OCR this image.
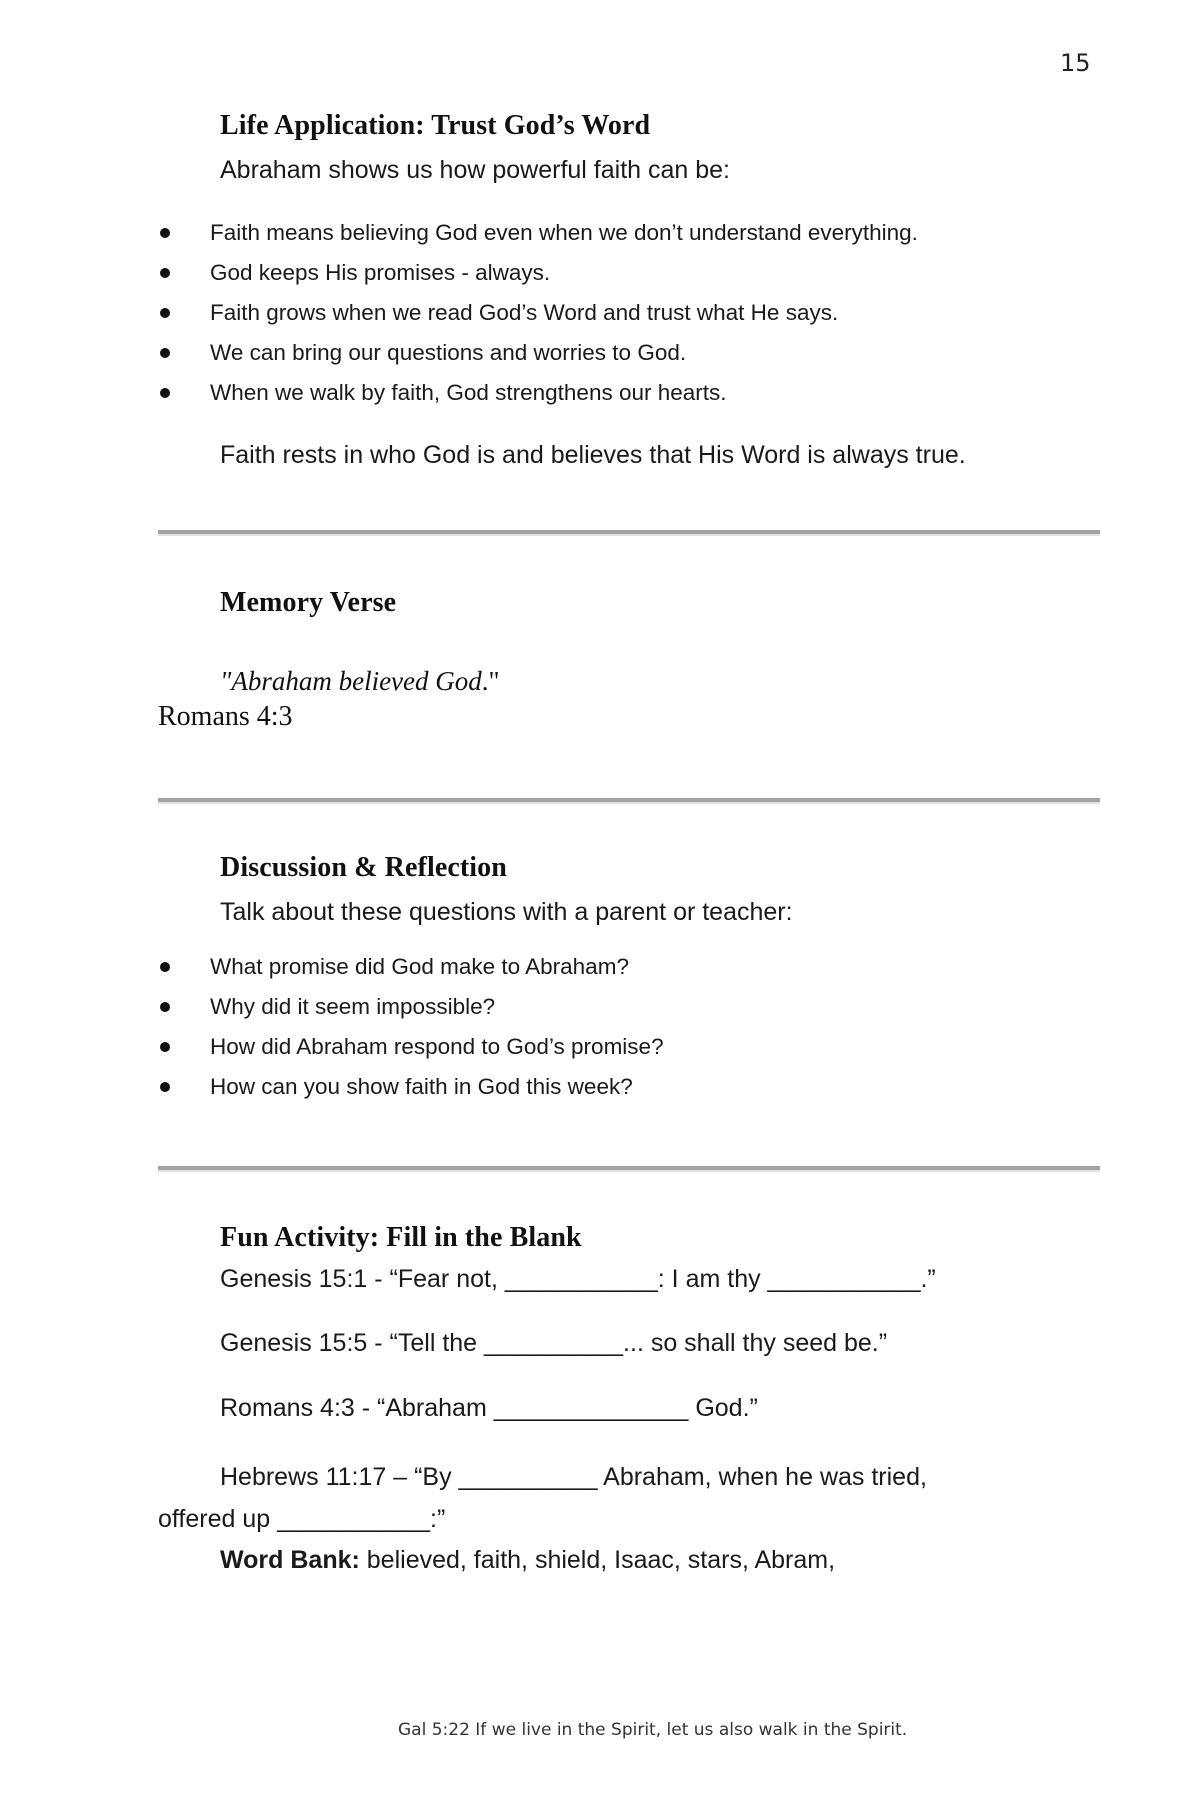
15
Life Application: Trust God’s Word
Abraham shows us how powerful faith can be:
Faith means believing God even when we don’t understand everything.
God keeps His promises - always.
Faith grows when we read God’s Word and trust what He says.
We can bring our questions and worries to God.
When we walk by faith, God strengthens our hearts.
Faith rests in who God is and believes that His Word is always true.
Memory Verse
"Abraham believed God."
Romans 4:3
Discussion & Reflection
Talk about these questions with a parent or teacher:
What promise did God make to Abraham?
Why did it seem impossible?
How did Abraham respond to God’s promise?
How can you show faith in God this week?
Fun Activity: Fill in the Blank
Genesis 15:1 - “Fear not, ___________: I am thy ___________.”
Genesis 15:5 - “Tell the __________... so shall thy seed be.”
Romans 4:3 - “Abraham ______________ God.”
Hebrews 11:17 – “By __________ Abraham, when he was tried,
offered up ___________:”
Word Bank: believed, faith, shield, Isaac, stars, Abram,
Gal 5:22 If we live in the Spirit, let us also walk in the Spirit.
